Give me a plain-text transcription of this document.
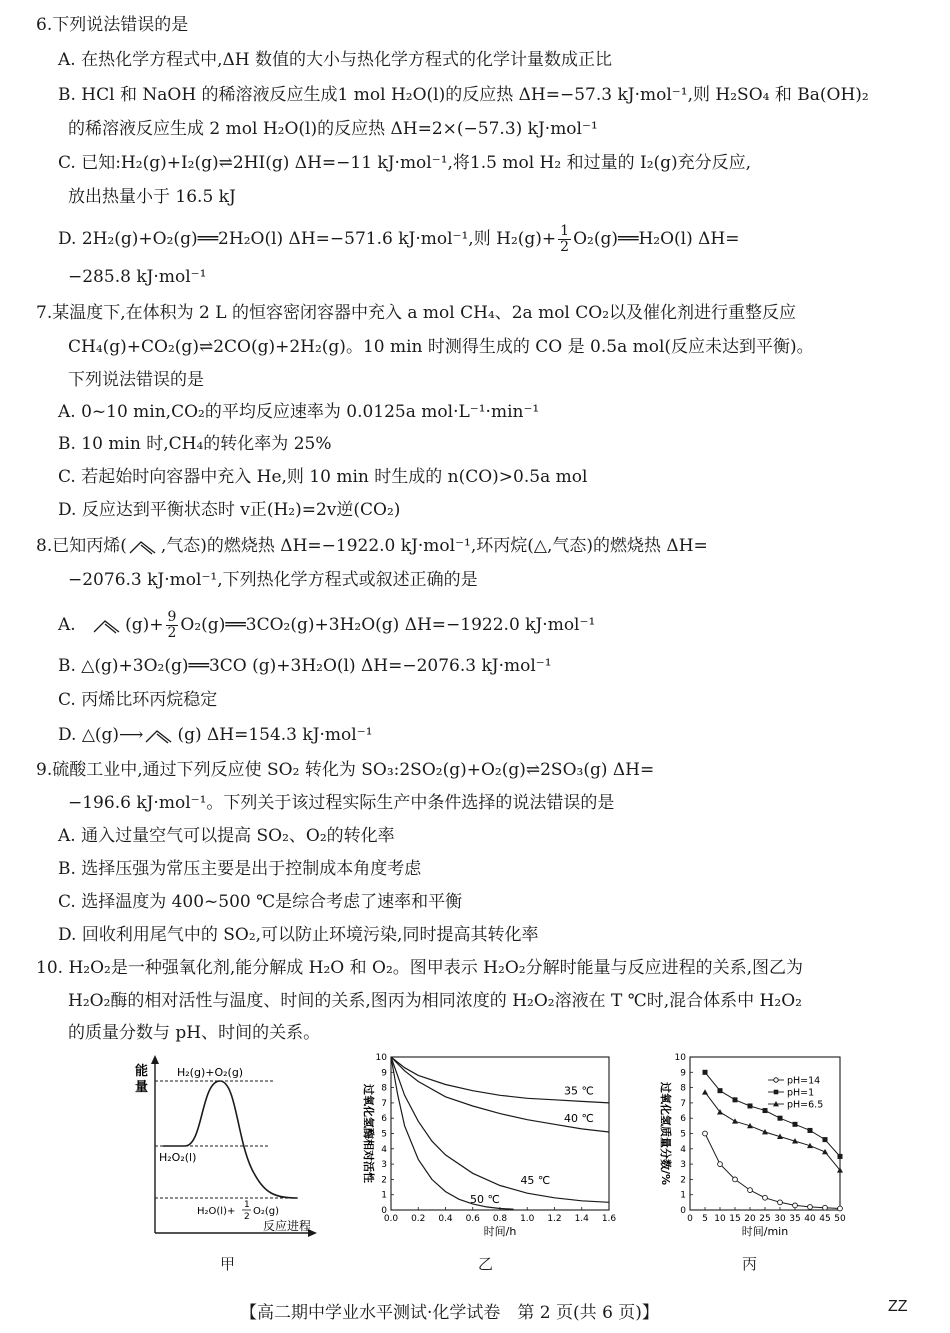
6.下列说法错误的是
A. 在热化学方程式中,ΔH 数值的大小与热化学方程式的化学计量数成正比
B. HCl 和 NaOH 的稀溶液反应生成1 mol H₂O(l)的反应热 ΔH=−57.3 kJ·mol⁻¹,则 H₂SO₄ 和 Ba(OH)₂
的稀溶液反应生成 2 mol H₂O(l)的反应热 ΔH=2×(−57.3) kJ·mol⁻¹
C. 已知:H₂(g)+I₂(g)⇌2HI(g) ΔH=−11 kJ·mol⁻¹,将1.5 mol H₂ 和过量的 I₂(g)充分反应,
放出热量小于 16.5 kJ
D. 2H₂(g)+O₂(g)══2H₂O(l) ΔH=−571.6 kJ·mol⁻¹,则 $H_2(g)+ \frac{1}{2}$ O₂(g)══H₂O(l) ΔH=
−285.8 kJ·mol⁻¹
7.某温度下,在体积为 2 L 的恒容密闭容器中充入 a mol CH₄、2a mol CO₂以及催化剂进行重整反应
CH₄(g)+CO₂(g)⇌2CO(g)+2H₂(g)。10 min 时测得生成的 CO 是 0.5a mol(反应未达到平衡)。
下列说法错误的是
A. 0~10 min,CO₂的平均反应速率为 0.0125a mol·L⁻¹·min⁻¹
B. 10 min 时,CH₄的转化率为 25%
C. 若起始时向容器中充入 He,则 10 min 时生成的 n(CO)>0.5a mol
D. 反应达到平衡状态时 v正(H₂)=2v逆(CO₂)
8.已知丙烯( ,气态)的燃烧热 ΔH=−1922.0 kJ·mol⁻¹,环丙烷(△,气态)的燃烧热 ΔH=
−2076.3 kJ·mol⁻¹,下列热化学方程式或叙述正确的是
A.	$(g)+ \frac{9}{2}$ O₂(g)══3CO₂(g)+3H₂O(g) ΔH=−1922.0 kJ·mol⁻¹
B. △(g)+3O₂(g)══3CO (g)+3H₂O(l) ΔH=−2076.3 kJ·mol⁻¹
C. 丙烯比环丙烷稳定
D. △(g)⟶ (g) ΔH=154.3 kJ·mol⁻¹
9.硫酸工业中,通过下列反应使 SO₂ 转化为 SO₃:2SO₂(g)+O₂(g)⇌2SO₃(g) ΔH=
−196.6 kJ·mol⁻¹。下列关于该过程实际生产中条件选择的说法错误的是
A. 通入过量空气可以提高 SO₂、O₂的转化率
B. 选择压强为常压主要是出于控制成本角度考虑
C. 选择温度为 400~500 ℃是综合考虑了速率和平衡
D. 回收利用尾气中的 SO₂,可以防止环境污染,同时提高其转化率
10. H₂O₂是一种强氧化剂,能分解成 H₂O 和 O₂。图甲表示 H₂O₂分解时能量与反应进程的关系,图乙为
H₂O₂酶的相对活性与温度、时间的关系,图丙为相同浓度的 H₂O₂溶液在 T ℃时,混合体系中 H₂O₂
的质量分数与 pH、时间的关系。
能
量
H₂(g)+O₂(g)
H₂O₂(l)
H₂O(l)+
1
2 O₂(g)
反应进程
甲
0.0 0.2 0.4 0.6 0.8 1.0 1.2 1.4 1.6
0
1
2
3
4
5
6
7
8
9
10
时间/h
过氧化氢酶相对活性	35 ℃
40 ℃
45 ℃
50 ℃
乙
0 5 10 15 20 25 30 35 40 45 50
0
1
2
3
4
5
6
7
8
9
10
时间/min
过氧化氢质量分数/%
pH=14
pH=1
pH=6.5
丙
【高二期中学业水平测试·化学试卷　第 2 页(共 6 页)】	ZZ
